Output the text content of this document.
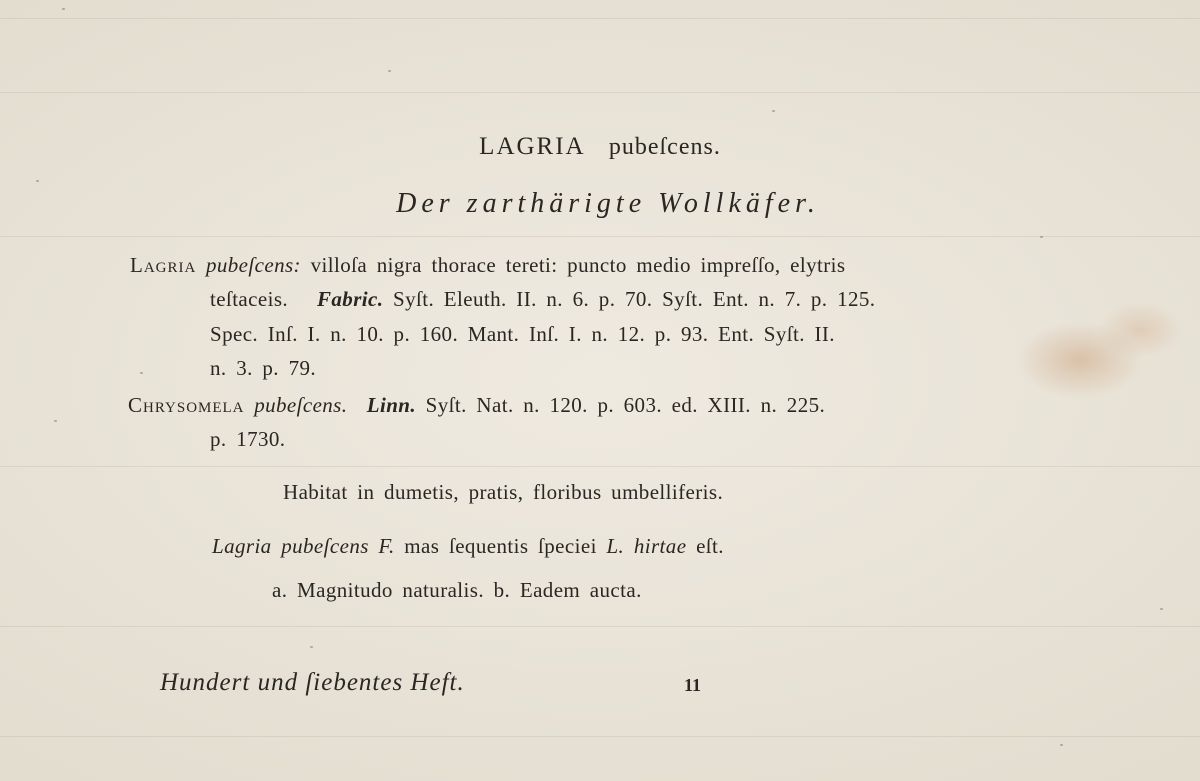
LAGRIA pubeſcens.
Der zarthärigte Wollkäfer.
Lagria pubeſcens: villoſa nigra thorace tereti: puncto medio impreſſo, elytris
teſtaceis. Fabric. Syſt. Eleuth. II. n. 6. p. 70. Syſt. Ent. n. 7. p. 125.
Spec. Inſ. I. n. 10. p. 160. Mant. Inſ. I. n. 12. p. 93. Ent. Syſt. II.
n. 3. p. 79.
Chrysomela pubeſcens. Linn. Syſt. Nat. n. 120. p. 603. ed. XIII. n. 225.
p. 1730.
Habitat in dumetis, pratis, floribus umbelliferis.
Lagria pubeſcens F. mas ſequentis ſpeciei L. hirtae eſt.
a. Magnitudo naturalis. b. Eadem aucta.
Hundert und ſiebentes Heft.	11
